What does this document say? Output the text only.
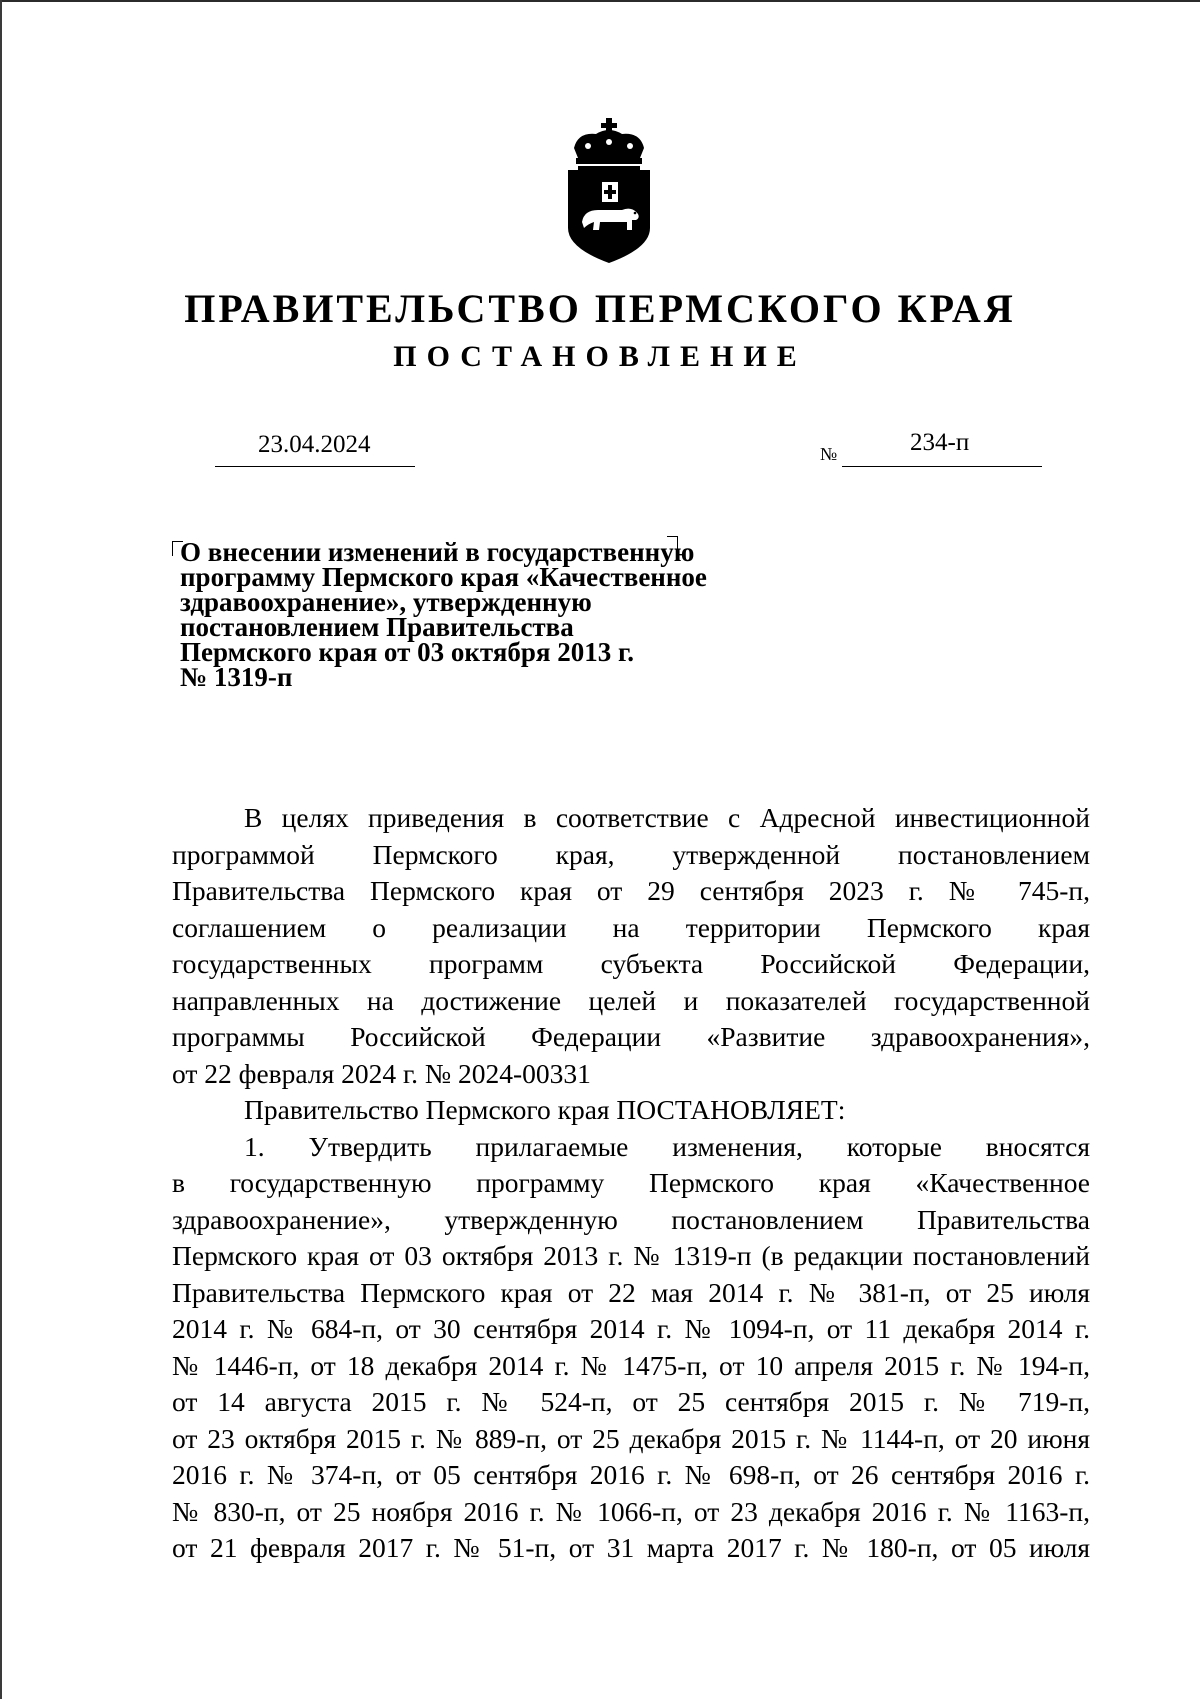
ПРАВИТЕЛЬСТВО ПЕРМСКОГО КРАЯ
ПОСТАНОВЛЕНИЕ
23.04.2024	№	234-п
О внесении изменений в государственную
программу Пермского края «Качественное
здравоохранение», утвержденную
постановлением Правительства
Пермского края от 03 октября 2013 г.
№ 1319-п
В целях приведения в соответствие с Адресной инвестиционной
программой Пермского края, утвержденной постановлением
Правительства Пермского края от 29 сентября 2023 г. № 745-п,
соглашением о реализации на территории Пермского края
государственных программ субъекта Российской Федерации,
направленных на достижение целей и показателей государственной
программы Российской Федерации «Развитие здравоохранения»,
от 22 февраля 2024 г. № 2024-00331
Правительство Пермского края ПОСТАНОВЛЯЕТ:
1. Утвердить прилагаемые изменения, которые вносятся
в государственную программу Пермского края «Качественное
здравоохранение», утвержденную постановлением Правительства
Пермского края от 03 октября 2013 г. № 1319-п (в редакции постановлений
Правительства Пермского края от 22 мая 2014 г. № 381-п, от 25 июля
2014 г. № 684-п, от 30 сентября 2014 г. № 1094-п, от 11 декабря 2014 г.
№ 1446-п, от 18 декабря 2014 г. № 1475-п, от 10 апреля 2015 г. № 194-п,
от 14 августа 2015 г. № 524-п, от 25 сентября 2015 г. № 719-п,
от 23 октября 2015 г. № 889-п, от 25 декабря 2015 г. № 1144-п, от 20 июня
2016 г. № 374-п, от 05 сентября 2016 г. № 698-п, от 26 сентября 2016 г.
№ 830-п, от 25 ноября 2016 г. № 1066-п, от 23 декабря 2016 г. № 1163-п,
от 21 февраля 2017 г. № 51-п, от 31 марта 2017 г. № 180-п, от 05 июля
